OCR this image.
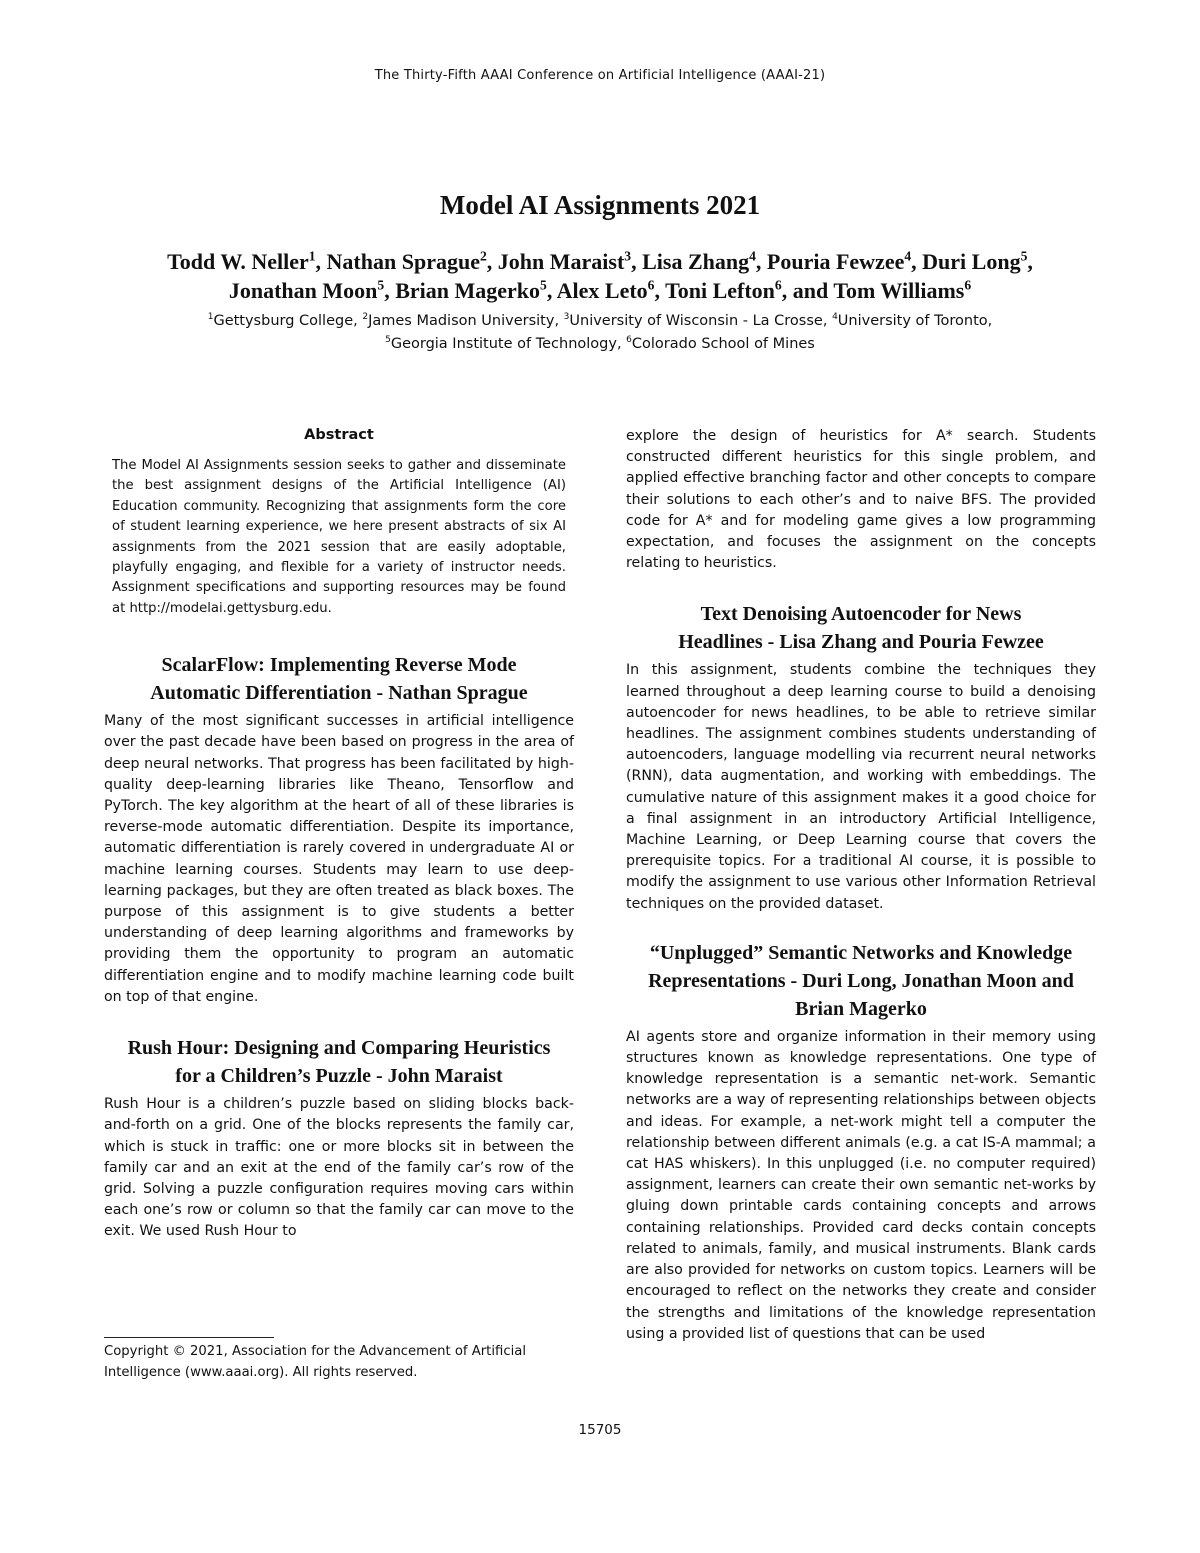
The Thirty-Fifth AAAI Conference on Artificial Intelligence (AAAI-21)
Model AI Assignments 2021
Todd W. Neller$^1$, Nathan Sprague$^2$, John Maraist$^3$, Lisa Zhang$^4$, Pouria Fewzee$^4$, Duri Long$^5$,
Jonathan Moon$^5$, Brian Magerko$^5$, Alex Leto$^6$, Toni Lefton$^6$, and Tom Williams$^6$
$^1$Gettysburg College, $^2$James Madison University, $^3$University of Wisconsin - La Crosse, $^4$University of Toronto,
$^5$Georgia Institute of Technology, $^6$Colorado School of Mines
Abstract

The Model AI Assignments session seeks to gather and disseminate the best assignment designs of the Artificial Intelligence (AI) Education community. Recognizing that assignments form the core of student learning experience, we here present abstracts of six AI assignments from the 2021 session that are easily adoptable, playfully engaging, and flexible for a variety of instructor needs. Assignment specifications and supporting resources may be found at http://modelai.gettysburg.edu.

ScalarFlow: Implementing Reverse Mode Automatic Differentiation - Nathan Sprague

Many of the most significant successes in artificial intelligence over the past decade have been based on progress in the area of deep neural networks. That progress has been facilitated by high-quality deep-learning libraries like Theano, Tensorflow and PyTorch. The key algorithm at the heart of all of these libraries is reverse-mode automatic differentiation. Despite its importance, automatic differentiation is rarely covered in undergraduate AI or machine learning courses. Students may learn to use deep-learning packages, but they are often treated as black boxes. The purpose of this assignment is to give students a better understanding of deep learning algorithms and frameworks by providing them the opportunity to program an automatic differentiation engine and to modify machine learning code built on top of that engine.

Rush Hour: Designing and Comparing Heuristics for a Children’s Puzzle - John Maraist

Rush Hour is a children’s puzzle based on sliding blocks back-and-forth on a grid. One of the blocks represents the family car, which is stuck in traffic: one or more blocks sit in between the family car and an exit at the end of the family car’s row of the grid. Solving a puzzle configuration requires moving cars within each one’s row or column so that the family car can move to the exit. We used Rush Hour to

Copyright © 2021, Association for the Advancement of Artificial Intelligence (www.aaai.org). All rights reserved.

explore the design of heuristics for A* search. Students constructed different heuristics for this single problem, and applied effective branching factor and other concepts to compare their solutions to each other’s and to naive BFS. The provided code for A* and for modeling game gives a low programming expectation, and focuses the assignment on the concepts relating to heuristics.

Text Denoising Autoencoder for News Headlines - Lisa Zhang and Pouria Fewzee

In this assignment, students combine the techniques they learned throughout a deep learning course to build a denoising autoencoder for news headlines, to be able to retrieve similar headlines. The assignment combines students understanding of autoencoders, language modelling via recurrent neural networks (RNN), data augmentation, and working with embeddings. The cumulative nature of this assignment makes it a good choice for a final assignment in an introductory Artificial Intelligence, Machine Learning, or Deep Learning course that covers the prerequisite topics. For a traditional AI course, it is possible to modify the assignment to use various other Information Retrieval techniques on the provided dataset.

“Unplugged” Semantic Networks and Knowledge Representations - Duri Long, Jonathan Moon and Brian Magerko

AI agents store and organize information in their memory using structures known as knowledge representations. One type of knowledge representation is a semantic net-work. Semantic networks are a way of representing relationships between objects and ideas. For example, a net-work might tell a computer the relationship between different animals (e.g. a cat IS-A mammal; a cat HAS whiskers). In this unplugged (i.e. no computer required) assignment, learners can create their own semantic net-works by gluing down printable cards containing concepts and arrows containing relationships. Provided card decks contain concepts related to animals, family, and musical instruments. Blank cards are also provided for networks on custom topics. Learners will be encouraged to reflect on the networks they create and consider the strengths and limitations of the knowledge representation using a provided list of questions that can be used

15705
